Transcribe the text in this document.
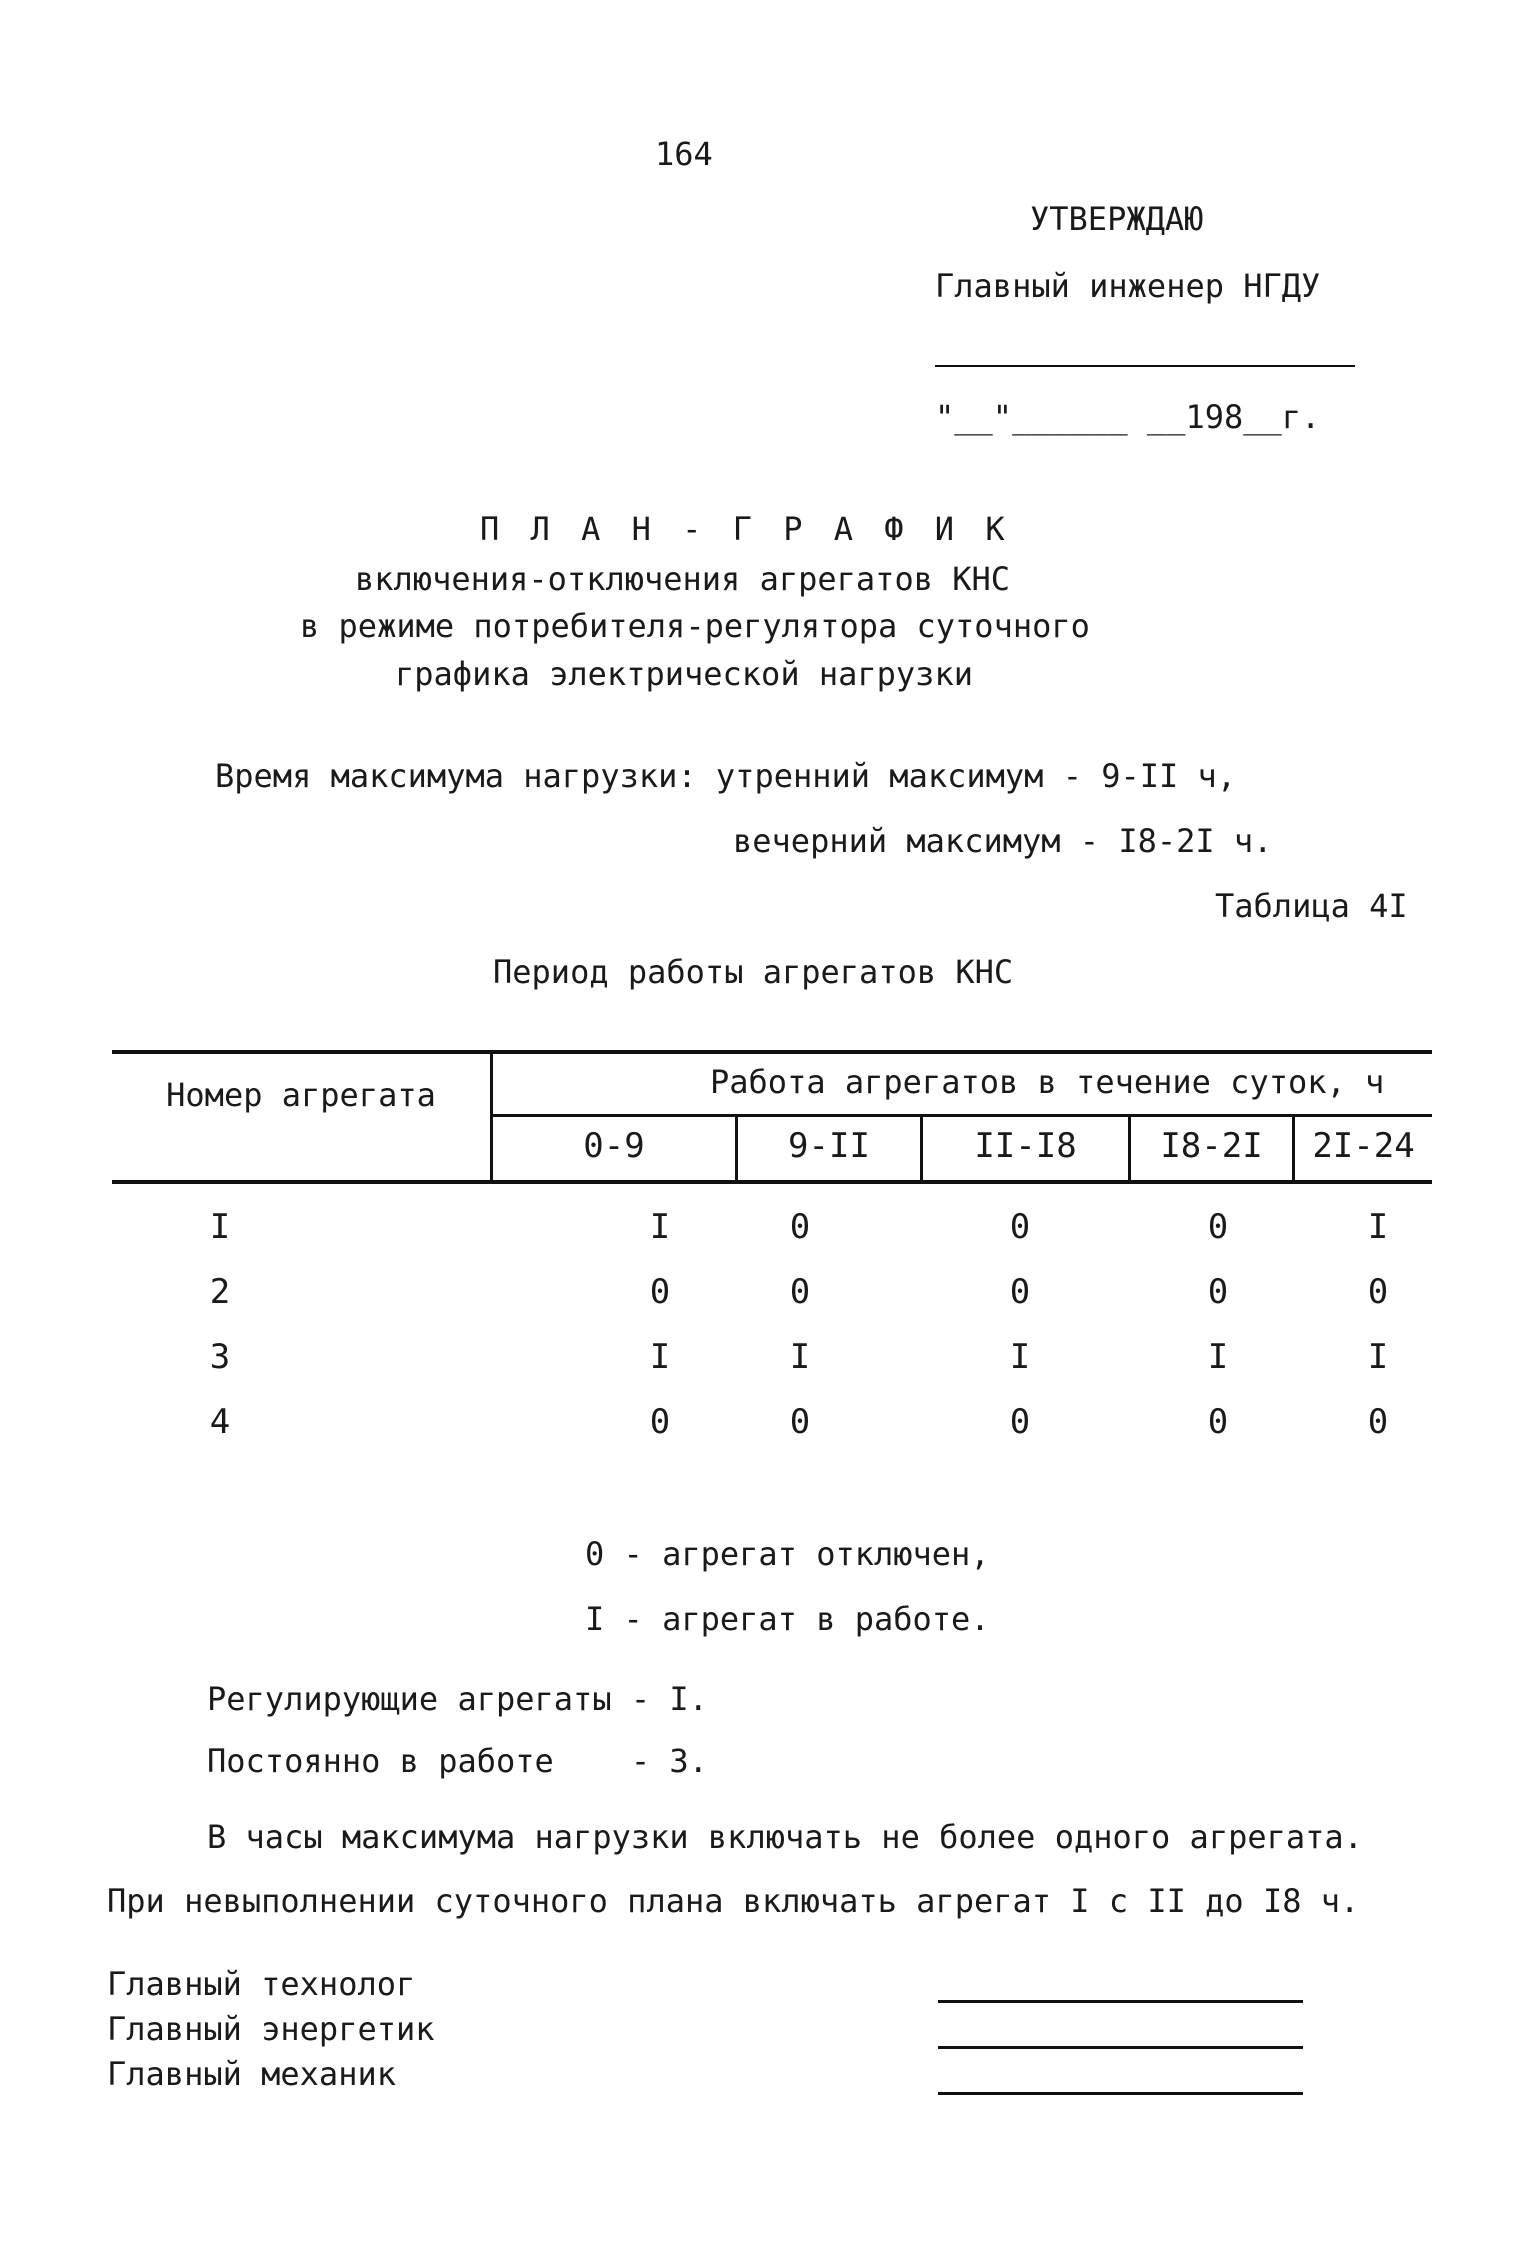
164
УТВЕРЖДАЮ
Главный инженер НГДУ
"__"______ __198__г.
П Л А Н - Г Р А Ф И К
включения-отключения агрегатов КНС
в режиме потребителя-регулятора суточного
графика электрической нагрузки
Время максимума нагрузки: утренний максимум - 9-II ч,
вечерний максимум - I8-2I ч.
Таблица 4I
Период работы агрегатов КНС
Номер агрегата	Работа агрегатов в течение суток, ч
0-9	9-II	II-I8	I8-2I	2I-24
I	I	0	0	0	I
2	0	0	0	0	0
3	I	I	I	I	I
4	0	0	0	0	0
0 - агрегат отключен,
I - агрегат в работе.
Регулирующие агрегаты - I.
Постоянно в работе    - 3.
В часы максимума нагрузки включать не более одного агрегата.
При невыполнении суточного плана включать агрегат I с II до I8 ч.
Главный технолог
Главный энергетик
Главный механик
